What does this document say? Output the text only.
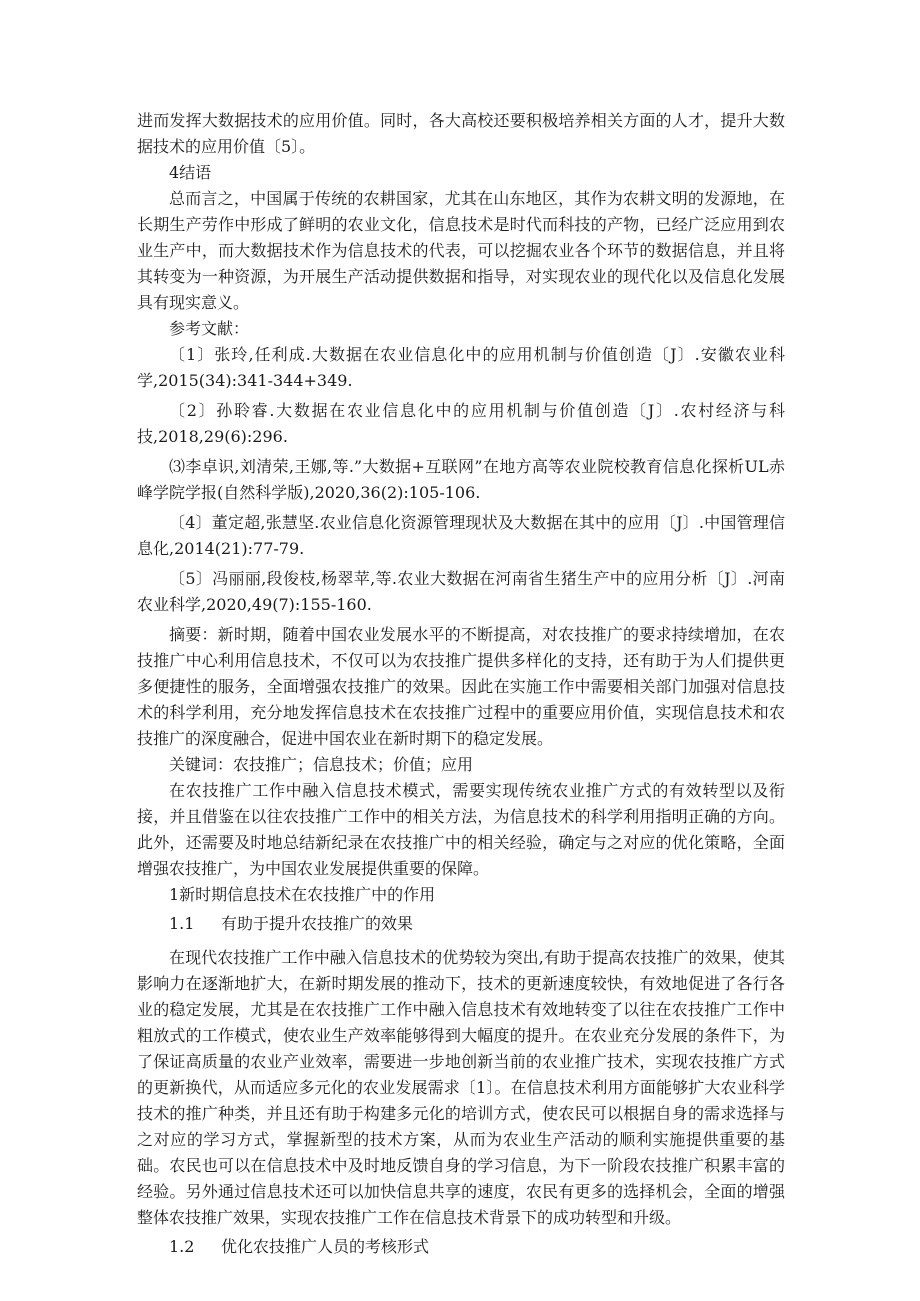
进而发挥大数据技术的应用价值。同时，各大高校还要积极培养相关方面的人才，提升大数据技术的应用价值〔5〕。

4结语

总而言之，中国属于传统的农耕国家，尤其在山东地区，其作为农耕文明的发源地，在长期生产劳作中形成了鲜明的农业文化，信息技术是时代而科技的产物，已经广泛应用到农业生产中，而大数据技术作为信息技术的代表，可以挖掘农业各个环节的数据信息，并且将其转变为一种资源，为开展生产活动提供数据和指导，对实现农业的现代化以及信息化发展具有现实意义。

参考文献：

〔1〕张玲,任利成.大数据在农业信息化中的应用机制与价值创造〔J〕.安徽农业科学,2015(34):341-344+349.

〔2〕孙聆睿.大数据在农业信息化中的应用机制与价值创造〔J〕.农村经济与科技,2018,29(6):296.

⑶李卓识,刘清荣,王娜,等.”大数据+互联网”在地方高等农业院校教育信息化探析UL赤峰学院学报(自然科学版),2020,36(2):105-106.

〔4〕董定超,张慧坚.农业信息化资源管理现状及大数据在其中的应用〔J〕.中国管理信息化,2014(21):77-79.

〔5〕冯丽丽,段俊枝,杨翠苹,等.农业大数据在河南省生猪生产中的应用分析〔J〕.河南农业科学,2020,49(7):155-160.

摘要：新时期，随着中国农业发展水平的不断提高，对农技推广的要求持续增加，在农技推广中心利用信息技术，不仅可以为农技推广提供多样化的支持，还有助于为人们提供更多便捷性的服务，全面增强农技推广的效果。因此在实施工作中需要相关部门加强对信息技术的科学利用，充分地发挥信息技术在农技推广过程中的重要应用价值，实现信息技术和农技推广的深度融合，促进中国农业在新时期下的稳定发展。

关键词：农技推广；信息技术；价值；应用

在农技推广工作中融入信息技术模式，需要实现传统农业推广方式的有效转型以及衔接，并且借鉴在以往农技推广工作中的相关方法，为信息技术的科学利用指明正确的方向。此外，还需要及时地总结新纪录在农技推广中的相关经验，确定与之对应的优化策略，全面增强农技推广，为中国农业发展提供重要的保障。

1新时期信息技术在农技推广中的作用

1.1 有助于提升农技推广的效果

在现代农技推广工作中融入信息技术的优势较为突出,有助于提高农技推广的效果，使其影响力在逐渐地扩大，在新时期发展的推动下，技术的更新速度较快，有效地促进了各行各业的稳定发展，尤其是在农技推广工作中融入信息技术有效地转变了以往在农技推广工作中粗放式的工作模式，使农业生产效率能够得到大幅度的提升。在农业充分发展的条件下，为了保证高质量的农业产业效率，需要进一步地创新当前的农业推广技术，实现农技推广方式的更新换代，从而适应多元化的农业发展需求〔1〕。在信息技术利用方面能够扩大农业科学技术的推广种类，并且还有助于构建多元化的培训方式，使农民可以根据自身的需求选择与之对应的学习方式，掌握新型的技术方案，从而为农业生产活动的顺利实施提供重要的基础。农民也可以在信息技术中及时地反馈自身的学习信息，为下一阶段农技推广积累丰富的经验。另外通过信息技术还可以加快信息共享的速度，农民有更多的选择机会，全面的增强整体农技推广效果，实现农技推广工作在信息技术背景下的成功转型和升级。

1.2 优化农技推广人员的考核形式
